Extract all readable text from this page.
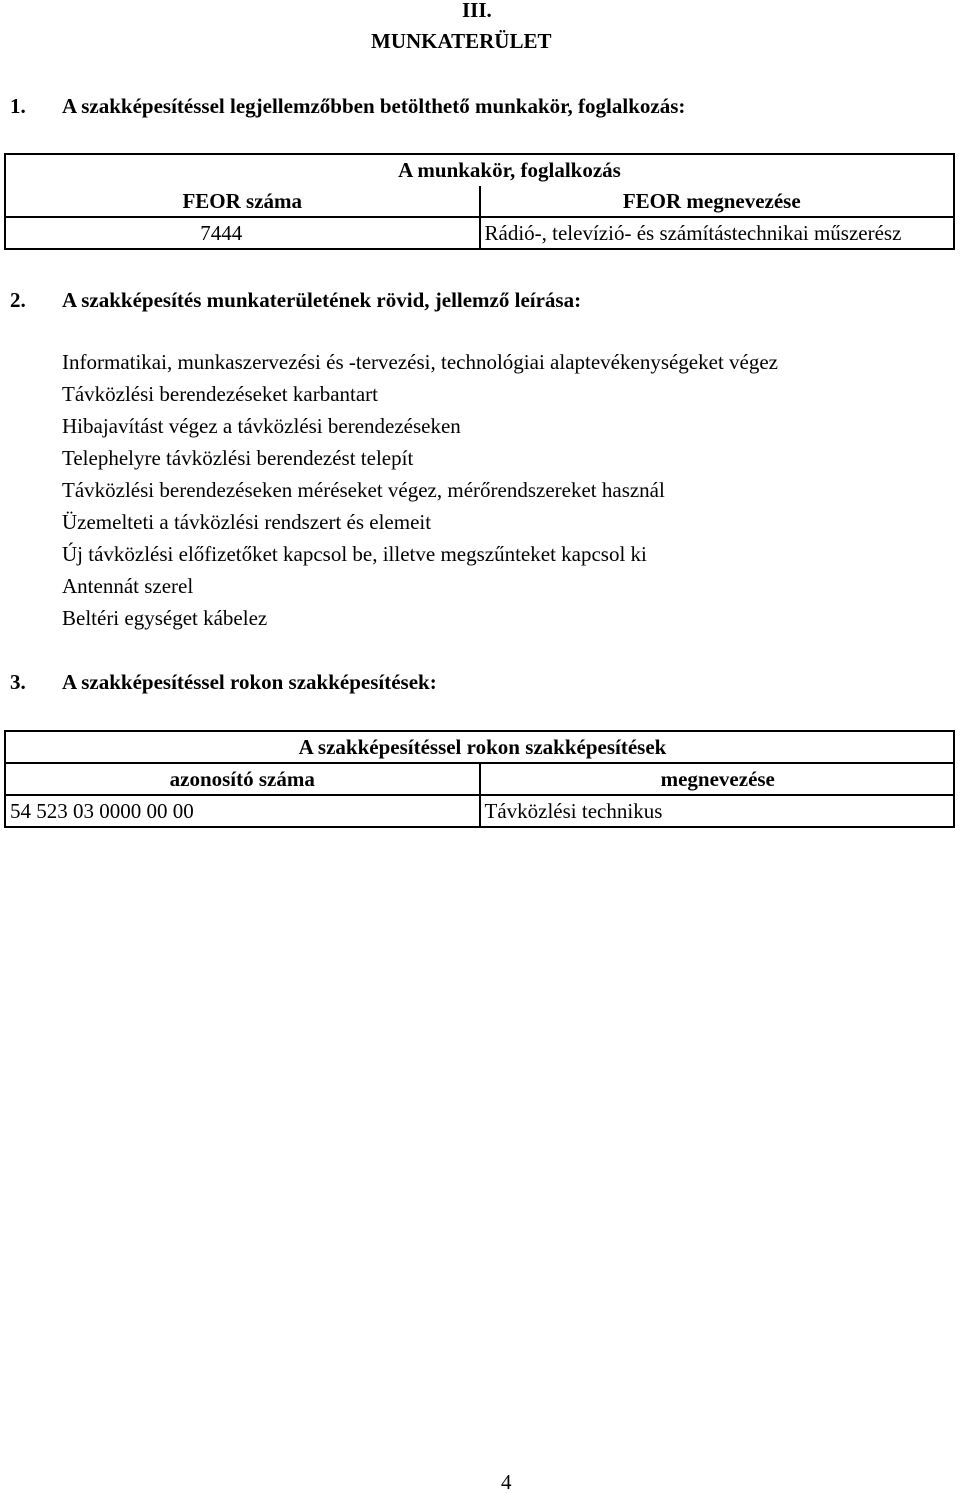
III.
MUNKATERÜLET
1. A szakképesítéssel legjellemzőbben betölthető munkakör, foglalkozás:
A munkakör, foglalkozás	
FEOR száma	FEOR megnevezése
7444	Rádió-, televízió- és számítástechnikai műszerész
2. A szakképesítés munkaterületének rövid, jellemző leírása:
Informatikai, munkaszervezési és -tervezési, technológiai alaptevékenységeket végez
Távközlési berendezéseket karbantart
Hibajavítást végez a távközlési berendezéseken
Telephelyre távközlési berendezést telepít
Távközlési berendezéseken méréseket végez, mérőrendszereket használ
Üzemelteti a távközlési rendszert és elemeit
Új távközlési előfizetőket kapcsol be, illetve megszűnteket kapcsol ki
Antennát szerel
Beltéri egységet kábelez
3. A szakképesítéssel rokon szakképesítések:
A szakképesítéssel rokon szakképesítések	
azonosító száma	megnevezése
54 523 03 0000 00 00	Távközlési technikus
4
